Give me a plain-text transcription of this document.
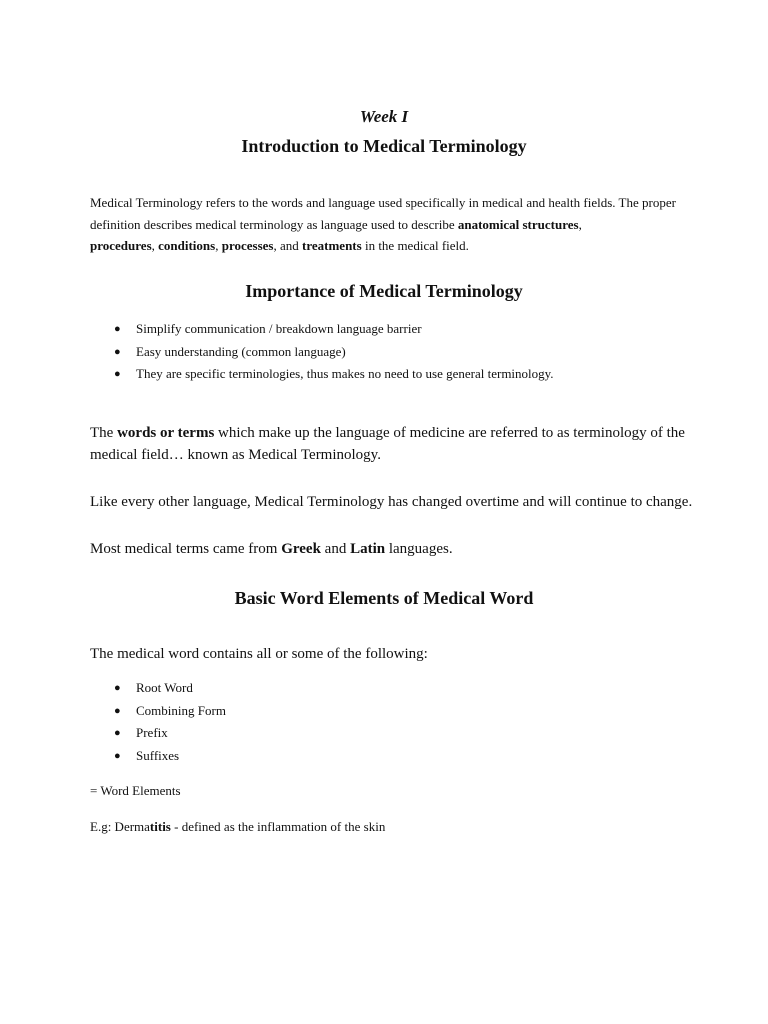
Week I

Introduction to Medical Terminology

Medical Terminology refers to the words and language used specifically in medical and health fields. The proper definition describes medical terminology as language used to describe anatomical structures,
procedures, conditions, processes, and treatments in the medical field.

Importance of Medical Terminology

● Simplify communication / breakdown language barrier
● Easy understanding (common language)
● They are specific terminologies, thus makes no need to use general terminology.

The words or terms which make up the language of medicine are referred to as terminology of the medical field… known as Medical Terminology.

Like every other language, Medical Terminology has changed overtime and will continue to change.

Most medical terms came from Greek and Latin languages.

Basic Word Elements of Medical Word

The medical word contains all or some of the following:

● Root Word
● Combining Form
● Prefix
● Suffixes

= Word Elements

E.g: Dermatitis - defined as the inflammation of the skin
